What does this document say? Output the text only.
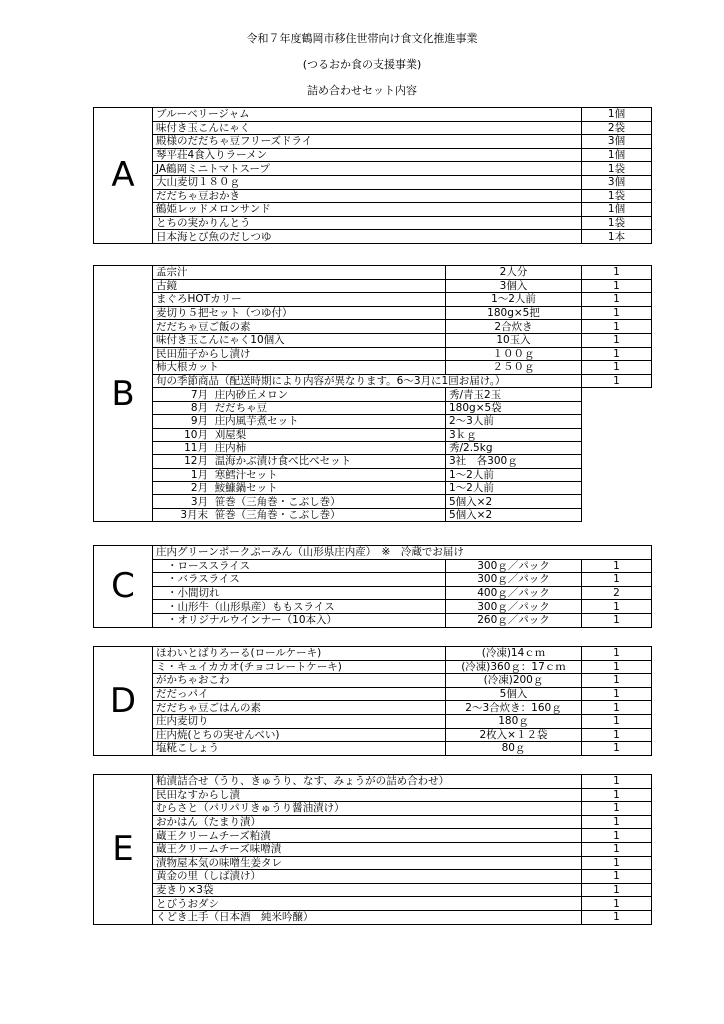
令和７年度鶴岡市移住世帯向け食文化推進事業
(つるおか食の支援事業)
詰め合わせセット内容
A	ブルーベリージャム	1個
	味付き玉こんにゃく	2袋
	殿様のだだちゃ豆フリーズドライ	3個
	琴平荘4食入りラーメン	1個
	JA鶴岡ミニトマトスープ	1袋
	大山麦切１８０ｇ	3個
	だだちゃ豆おかき	1袋
	鶴姫レッドメロンサンド	1個
	とちの実かりんとう	1袋
	日本海とび魚のだしつゆ	1本
B	孟宗汁	2人分	1
	古鏡	3個入	1
	まぐろHOTカリー	1～2人前	1
	麦切り５把セット（つゆ付）	180g×5把	1
	だだちゃ豆ご飯の素	2合炊き	1
	味付き玉こんにゃく10個入	10玉入	1
	民田茄子からし漬け	１００ｇ	1
	柿大根カット	２５０ｇ	1
	旬の季節商品（配送時期により内容が異なります。6～3月に1回お届け。）		1
	7月 庄内砂丘メロン	秀/青玉2玉	
	8月 だだちゃ豆	180g×5袋	
	9月 庄内風芋煮セット	2～3人前	
	10月 刈屋梨	3ｋｇ	
	11月 庄内柿	秀/2.5kg	
	12月 温海かぶ漬け食べ比べセット	3社　各300ｇ	
	1月 寒鱈汁セット	1～2人前	
	2月 鮟鱇鍋セット	1～2人前	
	3月 笹巻（三角巻・こぶし巻）	5個入×2	
	3月末 笹巻（三角巻・こぶし巻）	5個入×2	
C	庄内グリーンポークぷーみん（山形県庄内産）　※　冷蔵でお届け		
	・ローススライス	300ｇ／パック	1
	・バラスライス	300ｇ／パック	1
	・小間切れ	400ｇ／パック	2
	・山形牛（山形県産）ももスライス	300ｇ／パック	1
	・オリジナルウインナー（10本入）	260ｇ／パック	1
D	ほわいとばりろーる(ロールケーキ)	(冷凍)14ｃｍ	1
	ミ・キュイカカオ(チョコレートケーキ)	(冷凍)360ｇ：17ｃｍ	1
	がかちゃおこわ	(冷凍)200ｇ	1
	だだっパイ	5個入	1
	だだちゃ豆ごはんの素	2～3合炊き：160ｇ	1
	庄内麦切り	180ｇ	1
	庄内焼(とちの実せんべい)	2枚入×１２袋	1
	塩糀こしょう	80ｇ	1
E	粕漬詰合せ（うり、きゅうり、なす、みょうがの詰め合わせ）	1
	民田なすからし漬	1
	むらさと（パリパリきゅうり醤油漬け）	1
	おかはん（たまり漬）	1
	蔵王クリームチーズ粕漬	1
	蔵王クリームチーズ味噌漬	1
	漬物屋本気の味噌生姜タレ	1
	黄金の里（しば漬け）	1
	麦きり×3袋	1
	とびうおダシ	1
	くどき上手（日本酒　純米吟醸）	1
